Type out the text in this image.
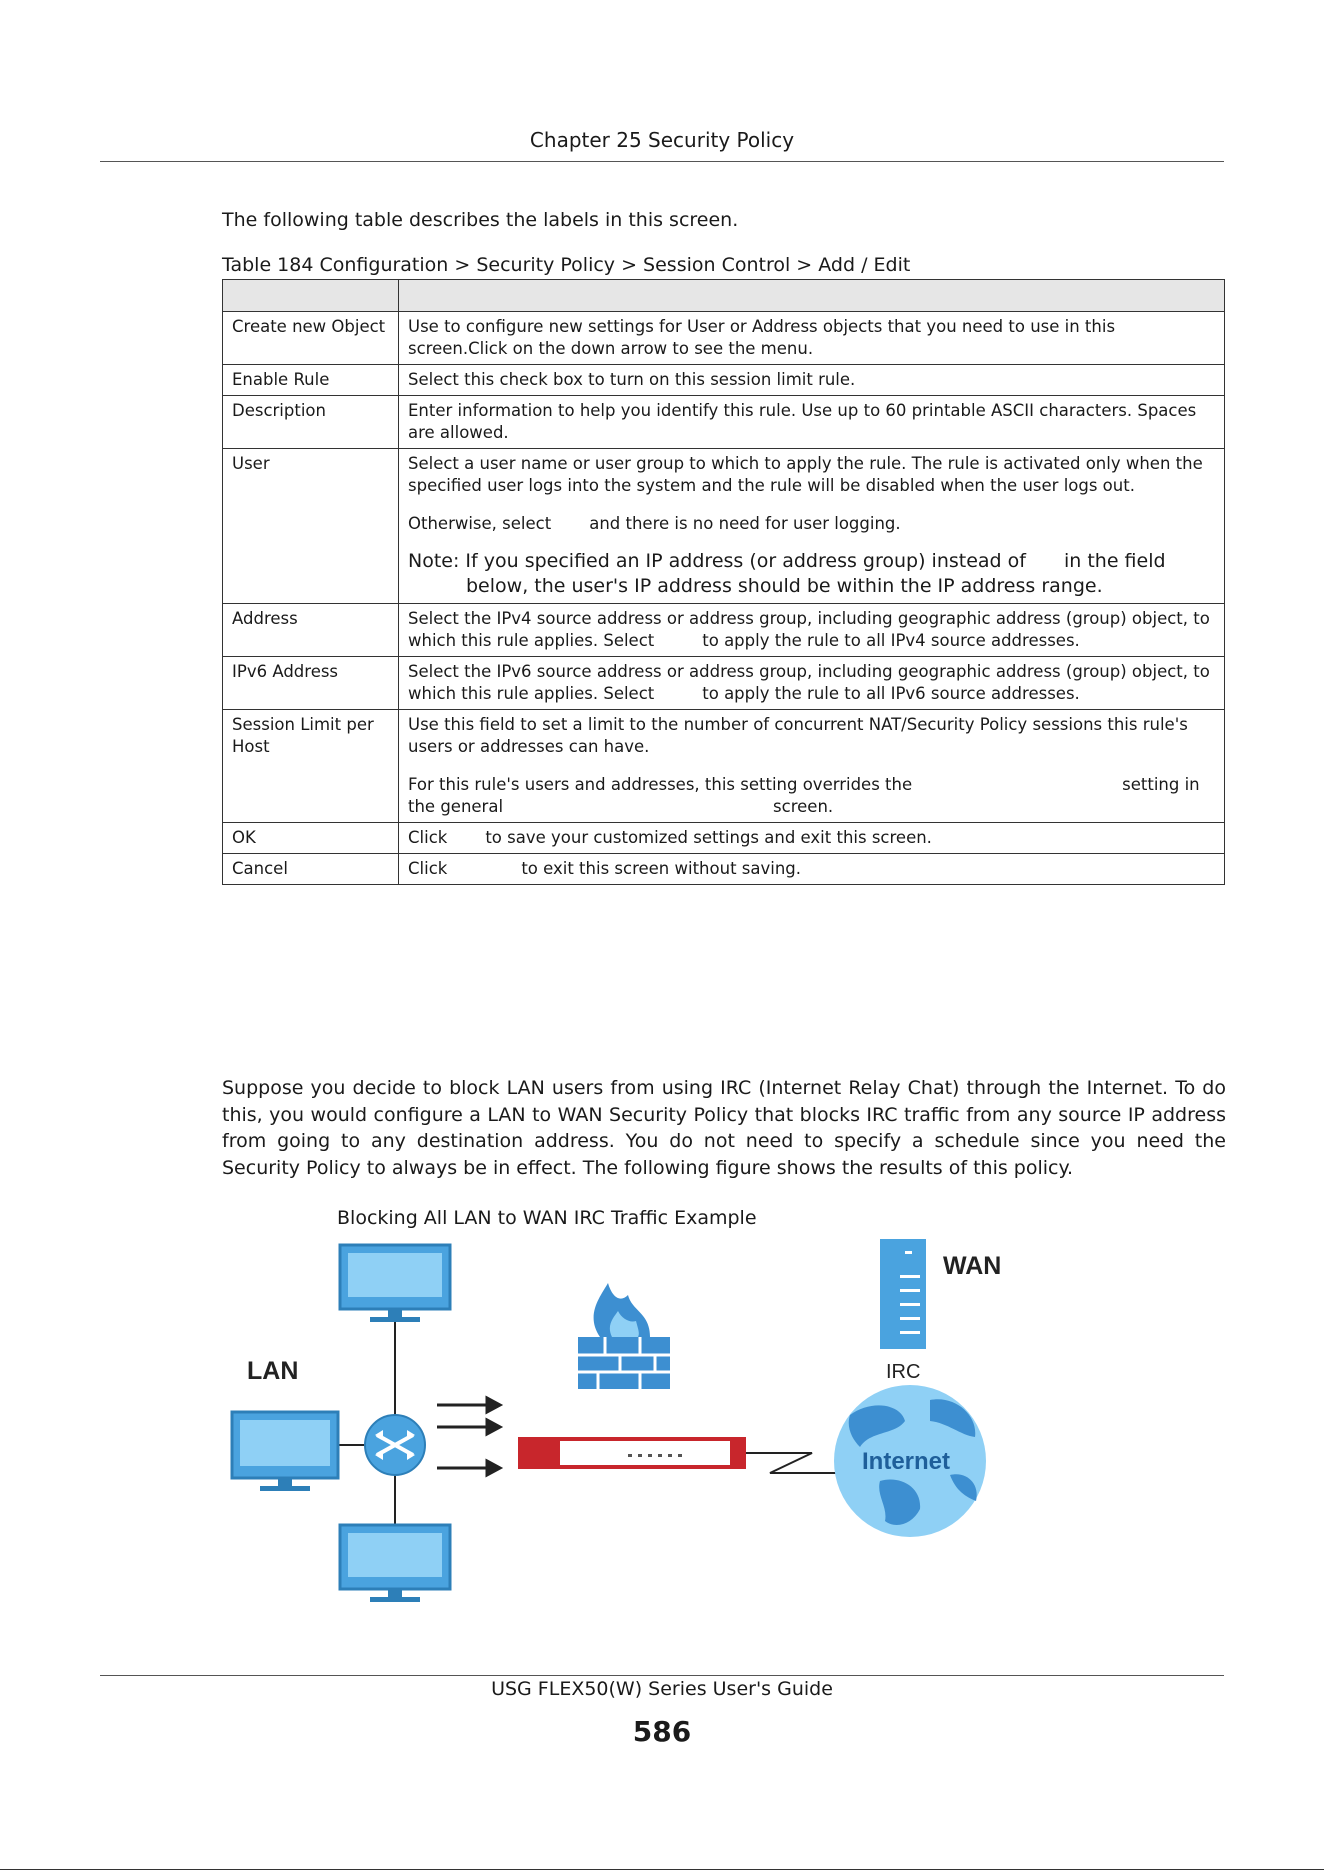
Chapter 25 Security Policy
The following table describes the labels in this screen.
Table 184 Configuration > Security Policy > Session Control > Add / Edit

Create new Object	Use to configure new settings for User or Address objects that you need to use in this screen.Click on the down arrow to see the menu.
Enable Rule	Select this check box to turn on this session limit rule.
Description	Enter information to help you identify this rule. Use up to 60 printable ASCII characters. Spaces are allowed.
User	Select a user name or user group to which to apply the rule. The rule is activated only when the specified user logs into the system and the rule will be disabled when the user logs out.

Otherwise, select and there is no need for user logging.

Note: If you specified an IP address (or address group) instead of in the field
below, the user's IP address should be within the IP address range.

Address	Select the IPv4 source address or address group, including geographic address (group) object, to which this rule applies. Select to apply the rule to all IPv4 source addresses.
IPv6 Address	Select the IPv6 source address or address group, including geographic address (group) object, to which this rule applies. Select to apply the rule to all IPv6 source addresses.
Session Limit per Host	Use this field to set a limit to the number of concurrent NAT/Security Policy sessions this rule's users or addresses can have.

For this rule's users and addresses, this setting overrides the setting in
the general screen.

OK	Click to save your customized settings and exit this screen.
Cancel	Click to exit this screen without saving.
Suppose you decide to block LAN users from using IRC (Internet Relay Chat) through the Internet. To do this, you would configure a LAN to WAN Security Policy that blocks IRC traffic from any source IP address from going to any destination address. You do not need to specify a schedule since you need the Security Policy to always be in effect. The following figure shows the results of this policy.
Blocking All LAN to WAN IRC Traffic Example
LAN
WAN
IRC
Internet
USG FLEX50(W) Series User's Guide
586
